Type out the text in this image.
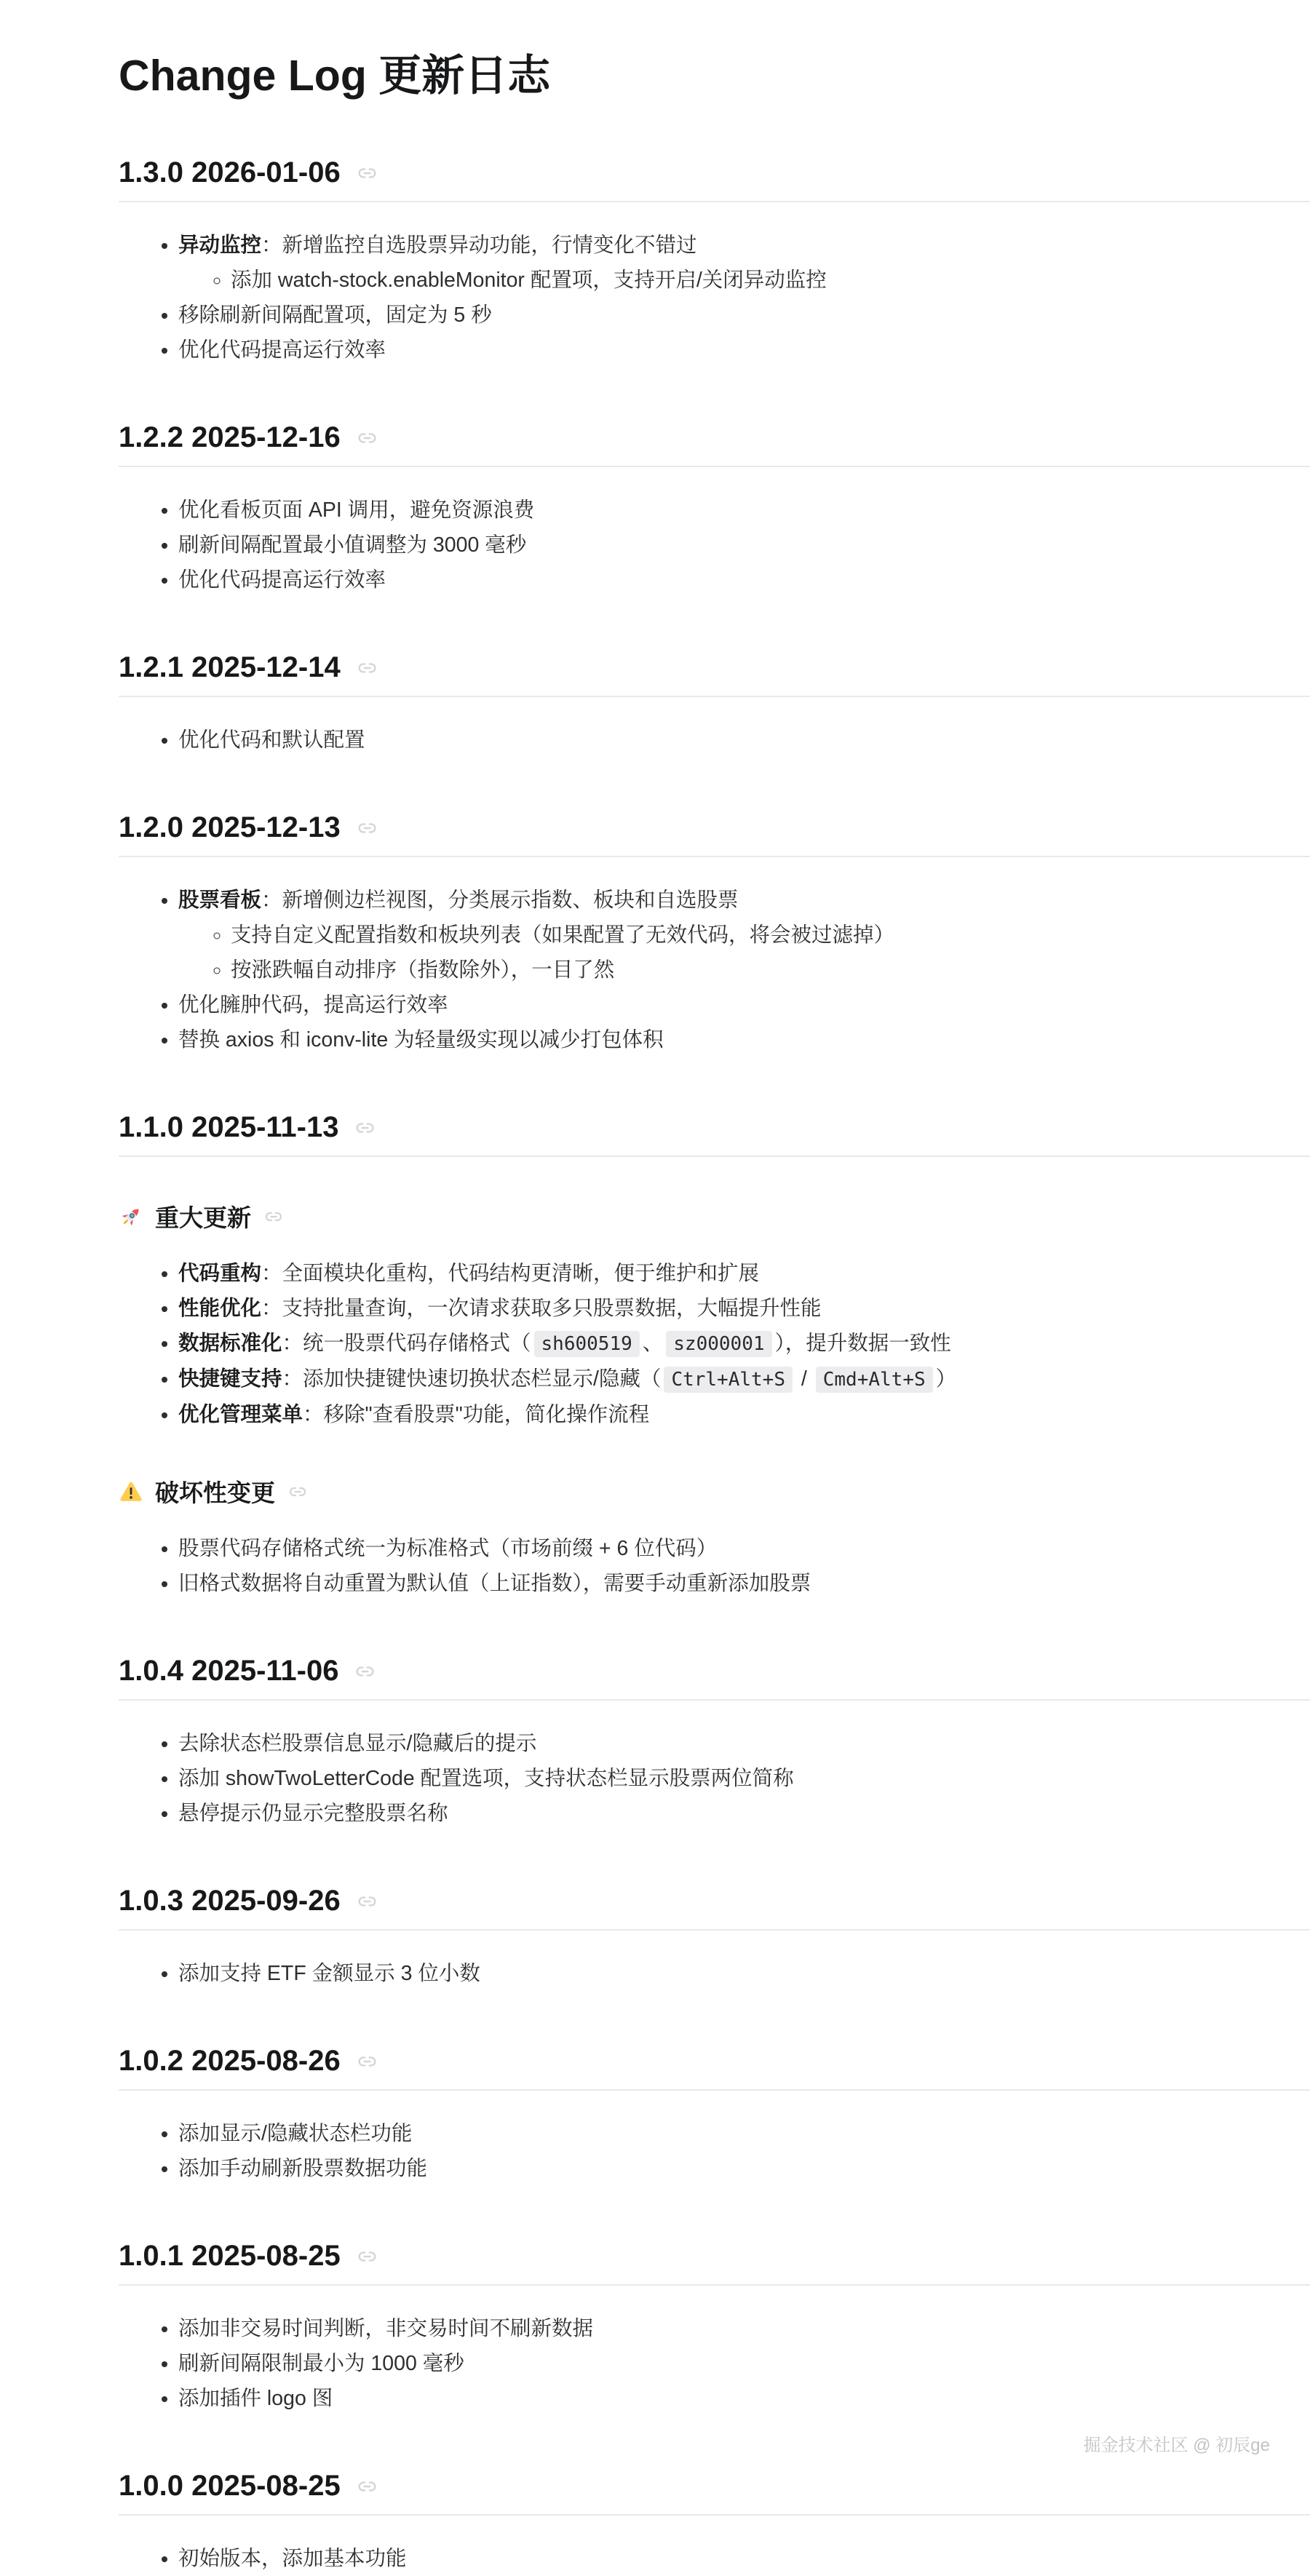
Change Log 更新日志
1.3.0 2026-01-06
• 异动监控：新增监控自选股票异动功能，行情变化不错过
◦ 添加 watch-stock.enableMonitor 配置项，支持开启/关闭异动监控
• 移除刷新间隔配置项，固定为 5 秒
• 优化代码提高运行效率
1.2.2 2025-12-16
• 优化看板页面 API 调用，避免资源浪费
• 刷新间隔配置最小值调整为 3000 毫秒
• 优化代码提高运行效率
1.2.1 2025-12-14
• 优化代码和默认配置
1.2.0 2025-12-13
• 股票看板：新增侧边栏视图，分类展示指数、板块和自选股票
◦ 支持自定义配置指数和板块列表（如果配置了无效代码，将会被过滤掉）
◦ 按涨跌幅自动排序（指数除外），一目了然
• 优化臃肿代码，提高运行效率
• 替换 axios 和 iconv-lite 为轻量级实现以减少打包体积
1.1.0 2025-11-13
重大更新
• 代码重构：全面模块化重构，代码结构更清晰，便于维护和扩展
• 性能优化：支持批量查询，一次请求获取多只股票数据，大幅提升性能
• 数据标准化：统一股票代码存储格式（ sh600519 、 sz000001 ），提升数据一致性
• 快捷键支持：添加快捷键快速切换状态栏显示/隐藏（ Ctrl+Alt+S / Cmd+Alt+S ）
• 优化管理菜单：移除"查看股票"功能，简化操作流程
破坏性变更
• 股票代码存储格式统一为标准格式（市场前缀 + 6 位代码）
• 旧格式数据将自动重置为默认值（上证指数），需要手动重新添加股票
1.0.4 2025-11-06
• 去除状态栏股票信息显示/隐藏后的提示
• 添加 showTwoLetterCode 配置选项，支持状态栏显示股票两位简称
• 悬停提示仍显示完整股票名称
1.0.3 2025-09-26
• 添加支持 ETF 金额显示 3 位小数
1.0.2 2025-08-26
• 添加显示/隐藏状态栏功能
• 添加手动刷新股票数据功能
1.0.1 2025-08-25
• 添加非交易时间判断，非交易时间不刷新数据
• 刷新间隔限制最小为 1000 毫秒
• 添加插件 logo 图
1.0.0 2025-08-25
• 初始版本，添加基本功能
掘金技术社区 @ 初辰ge
